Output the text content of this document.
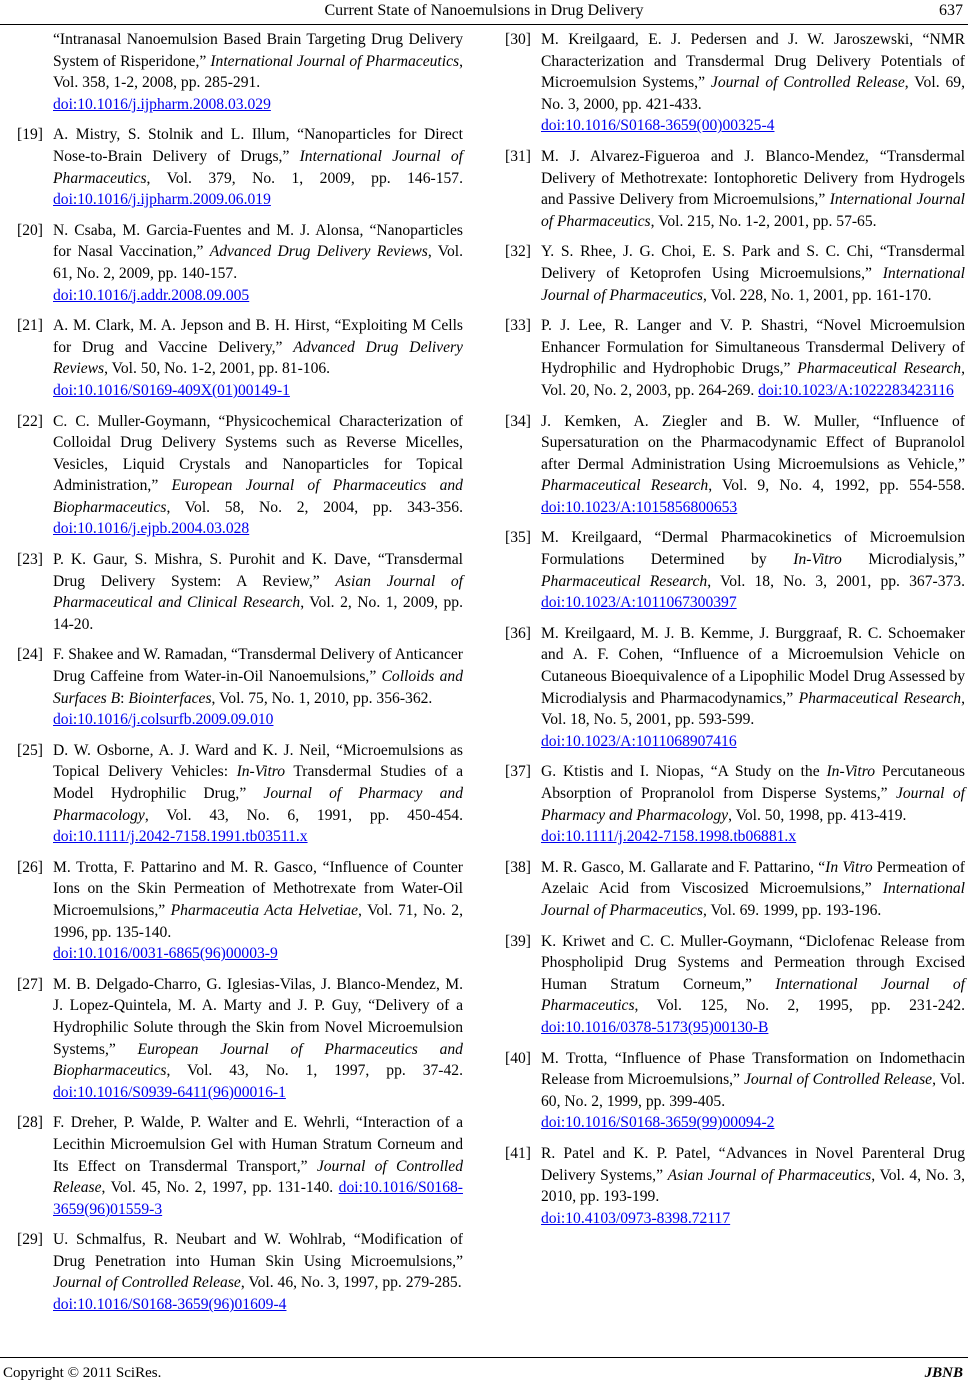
Current State of Nanoemulsions in Drug Delivery	637
“Intranasal Nanoemulsion Based Brain Targeting Drug Delivery System of Risperidone,” International Journal of Pharmaceutics, Vol. 358, 1-2, 2008, pp. 285-291.
doi:10.1016/j.ijpharm.2008.03.029
[19] A. Mistry, S. Stolnik and L. Illum, “Nanoparticles for Direct Nose-to-Brain Delivery of Drugs,” International Journal of Pharmaceutics, Vol. 379, No. 1, 2009, pp. 146-157. doi:10.1016/j.ijpharm.2009.06.019
[20] N. Csaba, M. Garcia-Fuentes and M. J. Alonsa, “Nanoparticles for Nasal Vaccination,” Advanced Drug Delivery Reviews, Vol. 61, No. 2, 2009, pp. 140-157.
doi:10.1016/j.addr.2008.09.005
[21] A. M. Clark, M. A. Jepson and B. H. Hirst, “Exploiting M Cells for Drug and Vaccine Delivery,” Advanced Drug Delivery Reviews, Vol. 50, No. 1-2, 2001, pp. 81-106.
doi:10.1016/S0169-409X(01)00149-1
[22] C. C. Muller-Goymann, “Physicochemical Characterization of Colloidal Drug Delivery Systems such as Reverse Micelles, Vesicles, Liquid Crystals and Nanoparticles for Topical Administration,” European Journal of Pharmaceutics and Biopharmaceutics, Vol. 58, No. 2, 2004, pp. 343-356. doi:10.1016/j.ejpb.2004.03.028
[23] P. K. Gaur, S. Mishra, S. Purohit and K. Dave, “Transdermal Drug Delivery System: A Review,” Asian Journal of Pharmaceutical and Clinical Research, Vol. 2, No. 1, 2009, pp. 14-20.
[24] F. Shakee and W. Ramadan, “Transdermal Delivery of Anticancer Drug Caffeine from Water-in-Oil Nanoemulsions,” Colloids and Surfaces B: Biointerfaces, Vol. 75, No. 1, 2010, pp. 356-362.
doi:10.1016/j.colsurfb.2009.09.010
[25] D. W. Osborne, A. J. Ward and K. J. Neil, “Microemulsions as Topical Delivery Vehicles: In-Vitro Transdermal Studies of a Model Hydrophilic Drug,” Journal of Pharmacy and Pharmacology, Vol. 43, No. 6, 1991, pp. 450-454. doi:10.1111/j.2042-7158.1991.tb03511.x
[26] M. Trotta, F. Pattarino and M. R. Gasco, “Influence of Counter Ions on the Skin Permeation of Methotrexate from Water-Oil Microemulsions,” Pharmaceutia Acta Helvetiae, Vol. 71, No. 2, 1996, pp. 135-140.
doi:10.1016/0031-6865(96)00003-9
[27] M. B. Delgado-Charro, G. Iglesias-Vilas, J. Blanco-Mendez, M. J. Lopez-Quintela, M. A. Marty and J. P. Guy, “Delivery of a Hydrophilic Solute through the Skin from Novel Microemulsion Systems,” European Journal of Pharmaceutics and Biopharmaceutics, Vol. 43, No. 1, 1997, pp. 37-42. doi:10.1016/S0939-6411(96)00016-1
[28] F. Dreher, P. Walde, P. Walter and E. Wehrli, “Interaction of a Lecithin Microemulsion Gel with Human Stratum Corneum and Its Effect on Transdermal Transport,” Journal of Controlled Release, Vol. 45, No. 2, 1997, pp. 131-140. doi:10.1016/S0168-3659(96)01559-3
[29] U. Schmalfus, R. Neubart and W. Wohlrab, “Modification of Drug Penetration into Human Skin Using Microemulsions,” Journal of Controlled Release, Vol. 46, No. 3, 1997, pp. 279-285.
doi:10.1016/S0168-3659(96)01609-4
[30] M. Kreilgaard, E. J. Pedersen and J. W. Jaroszewski, “NMR Characterization and Transdermal Drug Delivery Potentials of Microemulsion Systems,” Journal of Controlled Release, Vol. 69, No. 3, 2000, pp. 421-433.
doi:10.1016/S0168-3659(00)00325-4
[31] M. J. Alvarez-Figueroa and J. Blanco-Mendez, “Transdermal Delivery of Methotrexate: Iontophoretic Delivery from Hydrogels and Passive Delivery from Microemulsions,” International Journal of Pharmaceutics, Vol. 215, No. 1-2, 2001, pp. 57-65.
[32] Y. S. Rhee, J. G. Choi, E. S. Park and S. C. Chi, “Transdermal Delivery of Ketoprofen Using Microemulsions,” International Journal of Pharmaceutics, Vol. 228, No. 1, 2001, pp. 161-170.
[33] P. J. Lee, R. Langer and V. P. Shastri, “Novel Microemulsion Enhancer Formulation for Simultaneous Transdermal Delivery of Hydrophilic and Hydrophobic Drugs,” Pharmaceutical Research, Vol. 20, No. 2, 2003, pp. 264-269. doi:10.1023/A:1022283423116
[34] J. Kemken, A. Ziegler and B. W. Muller, “Influence of Supersaturation on the Pharmacodynamic Effect of Bupranolol after Dermal Administration Using Microemulsions as Vehicle,” Pharmaceutical Research, Vol. 9, No. 4, 1992, pp. 554-558. doi:10.1023/A:1015856800653
[35] M. Kreilgaard, “Dermal Pharmacokinetics of Microemulsion Formulations Determined by In-Vitro Microdialysis,” Pharmaceutical Research, Vol. 18, No. 3, 2001, pp. 367-373. doi:10.1023/A:1011067300397
[36] M. Kreilgaard, M. J. B. Kemme, J. Burggraaf, R. C. Schoemaker and A. F. Cohen, “Influence of a Microemulsion Vehicle on Cutaneous Bioequivalence of a Lipophilic Model Drug Assessed by Microdialysis and Pharmacodynamics,” Pharmaceutical Research, Vol. 18, No. 5, 2001, pp. 593-599.
doi:10.1023/A:1011068907416
[37] G. Ktistis and I. Niopas, “A Study on the In-Vitro Percutaneous Absorption of Propranolol from Disperse Systems,” Journal of Pharmacy and Pharmacology, Vol. 50, 1998, pp. 413-419.
doi:10.1111/j.2042-7158.1998.tb06881.x
[38] M. R. Gasco, M. Gallarate and F. Pattarino, “In Vitro Permeation of Azelaic Acid from Viscosized Microemulsions,” International Journal of Pharmaceutics, Vol. 69. 1999, pp. 193-196.
[39] K. Kriwet and C. C. Muller-Goymann, “Diclofenac Release from Phospholipid Drug Systems and Permeation through Excised Human Stratum Corneum,” International Journal of Pharmaceutics, Vol. 125, No. 2, 1995, pp. 231-242. doi:10.1016/0378-5173(95)00130-B
[40] M. Trotta, “Influence of Phase Transformation on Indomethacin Release from Microemulsions,” Journal of Controlled Release, Vol. 60, No. 2, 1999, pp. 399-405.
doi:10.1016/S0168-3659(99)00094-2
[41] R. Patel and K. P. Patel, “Advances in Novel Parenteral Drug Delivery Systems,” Asian Journal of Pharmaceutics, Vol. 4, No. 3, 2010, pp. 193-199.
doi:10.4103/0973-8398.72117
Copyright © 2011 SciRes.	JBNB
